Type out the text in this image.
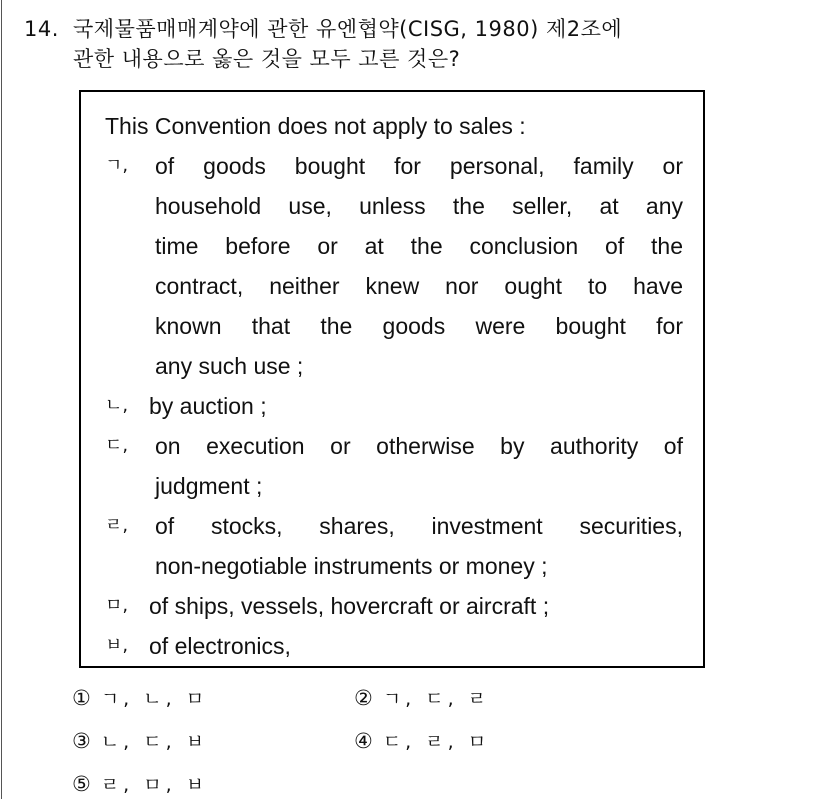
14. 국제물품매매계약에 관한 유엔협약(CISG, 1980) 제2조에
관한 내용으로 옳은 것을 모두 고른 것은?
This Convention does not apply to sales :
ㄱ,	of goods bought for personal, family or
household use, unless the seller, at any
time before or at the conclusion of the
contract, neither knew nor ought to have
known that the goods were bought for
any such use ;
ㄴ, by auction ;
ㄷ,	on execution or otherwise by authority of
judgment ;
ㄹ,	of stocks, shares, investment securities,
non-negotiable instruments or money ;
ㅁ, of ships, vessels, hovercraft or aircraft ;
ㅂ, of electronics,
① ㄱ, ㄴ, ㅁ	② ㄱ, ㄷ, ㄹ
③ ㄴ, ㄷ, ㅂ	④ ㄷ, ㄹ, ㅁ
⑤ ㄹ, ㅁ, ㅂ
